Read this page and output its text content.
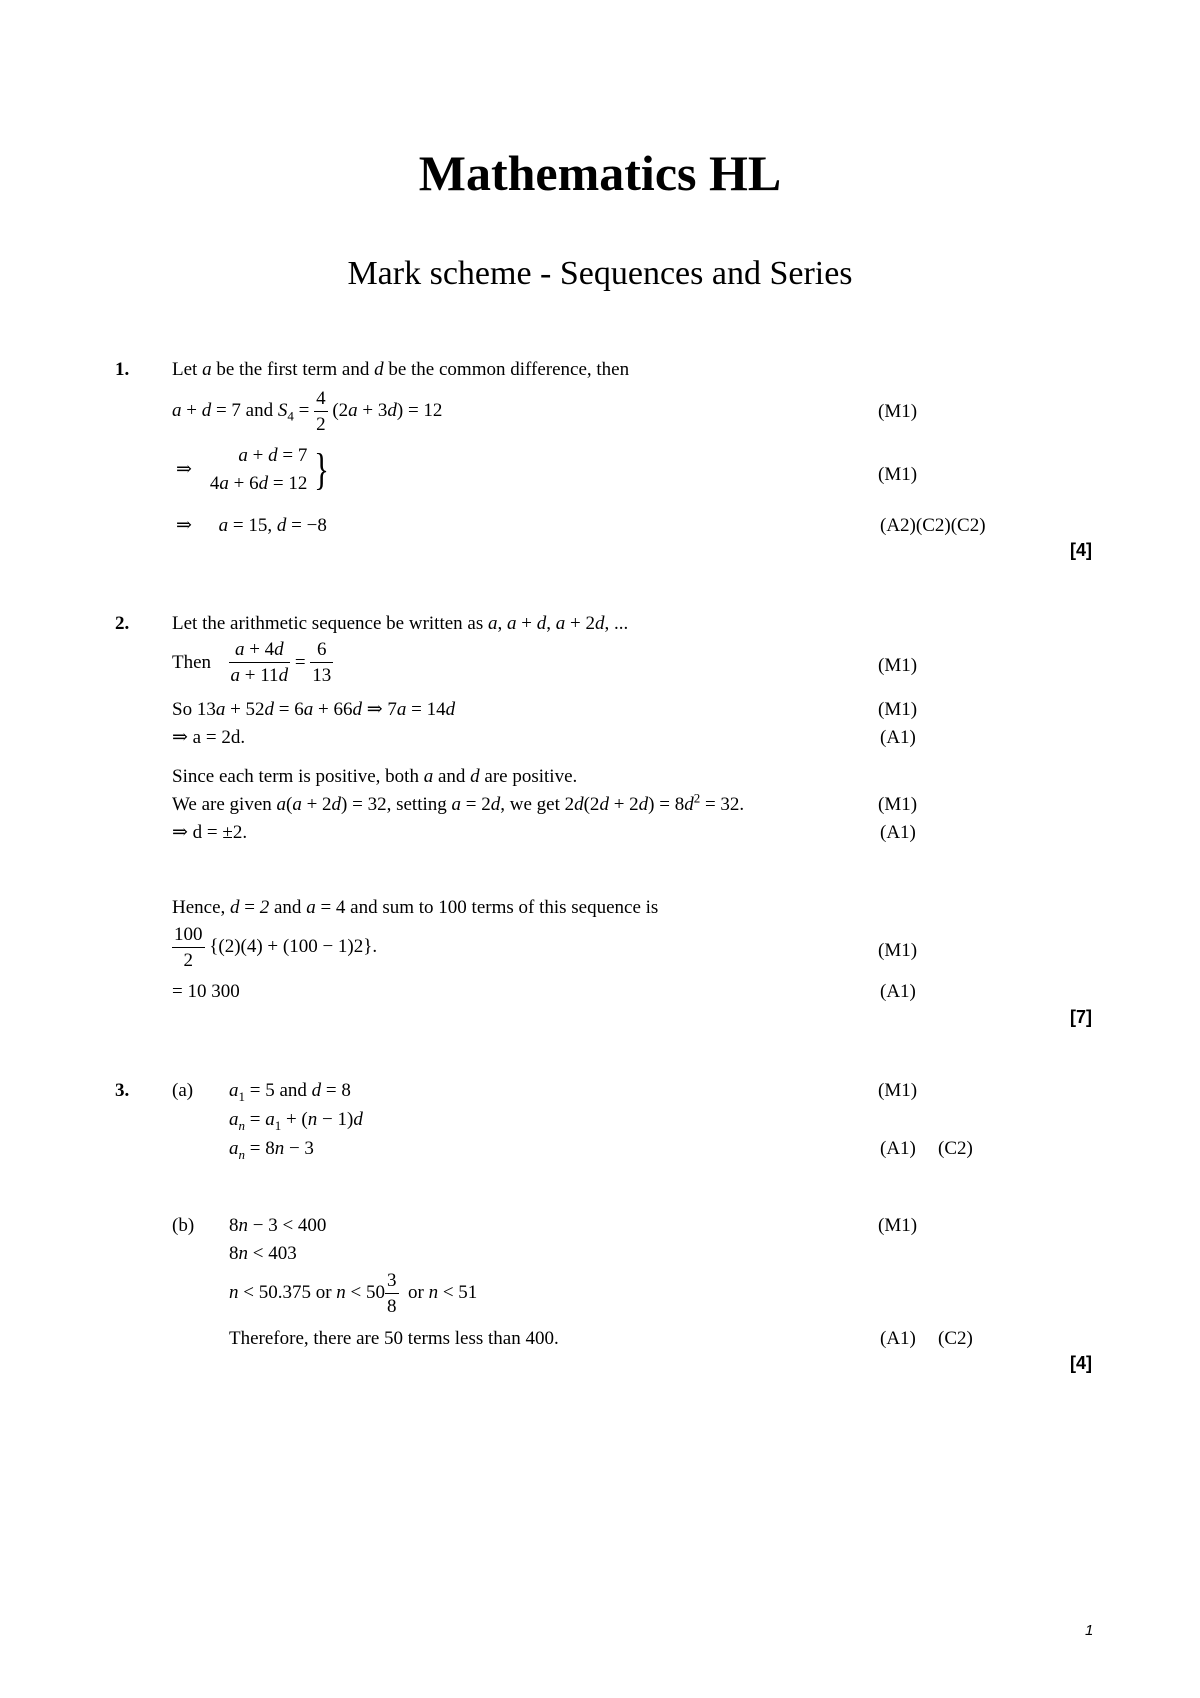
Mathematics HL
Mark scheme - Sequences and Series
1. Let a be the first term and d be the common difference, then
a + d = 7 and $S_4 = \frac{4}{2} (2a + 3d) = 12$	(M1)
⇒
a + d = 7
4a + 6d = 12 }	(M1)
⇒ a = 15, d = −8	(A2)(C2)(C2)
[4]
2. Let the arithmetic sequence be written as a, a + d, a + 2d, ...
Then $\frac{a + 4d}{a + 11d} = \frac{6}{13}$	(M1)
So 13a + 52d = 6a + 66d ⇒ 7a = 14d	(M1)
⇒ a = 2d.	(A1)
Since each term is positive, both a and d are positive.
We are given a(a + 2d) = 32, setting a = 2d, we get $2d(2d + 2d) = 8d^2 = 32$.	(M1)
⇒ d = ±2.	(A1)
Hence, d = 2 and a = 4 and sum to 100 terms of this sequence is
$\frac{100}{2} \{(2)(4) + (100 - 1)2\}$.	(M1)
= 10 300	(A1)
[7]
3. (a) $a_1 = 5$ and d = 8	(M1)
$a_n = a_1 + (n - 1)d$
$a_n = 8n - 3$	(A1) (C2)
(b) 8n − 3 < 400	(M1)
8n < 403
n < 50.375 or $n < 50 \frac{3}{8}$ or n < 51
Therefore, there are 50 terms less than 400.	(A1) (C2)
[4]
1
